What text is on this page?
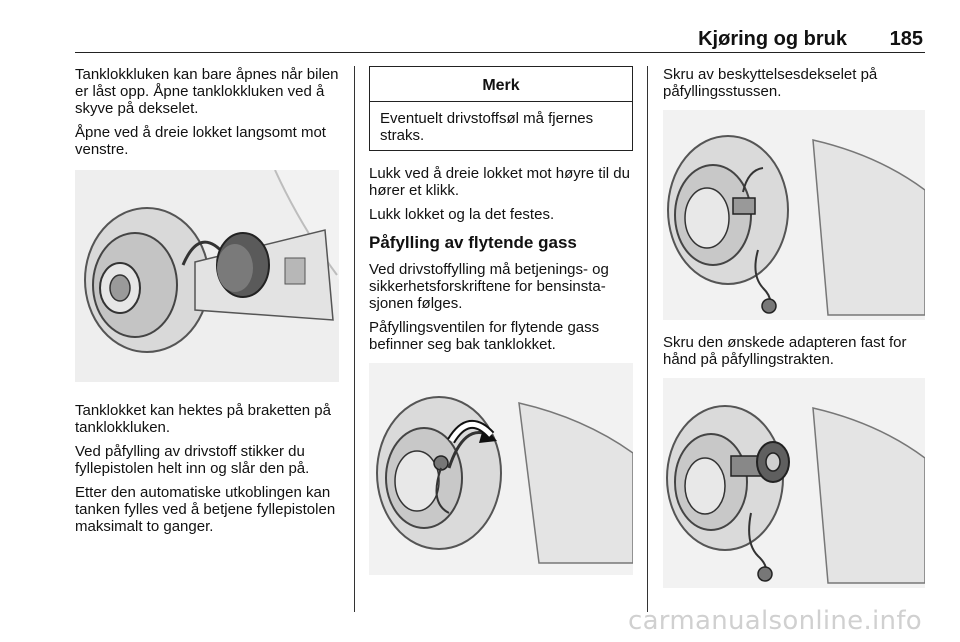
Kjøring og bruk 185

Tanklokkluken kan bare åpnes når bilen er låst opp. Åpne tanklokkluken ved å skyve på dekselet.

Åpne ved å dreie lokket langsomt mot venstre.

Tanklokket kan hektes på braketten på tanklokkluken.

Ved påfylling av drivstoff stikker du fyllepistolen helt inn og slår den på.

Etter den automatiske utkoblingen kan tanken fylles ved å betjene fyllepistolen maksimalt to ganger.

Merk
Eventuelt drivstoffsøl må fjernes straks.

Lukk ved å dreie lokket mot høyre til du hører et klikk.

Lukk lokket og la det festes.

Påfylling av flytende gass

Ved drivstoffylling må betjenings- og sikkerhetsforskriftene for bensinstasjonen følges.

Påfyllingsventilen for flytende gass befinner seg bak tanklokket.

Skru av beskyttelsesdekselet på påfyllingsstussen.

Skru den ønskede adapteren fast for hånd på påfyllingstrakten.

carmanualsonline.info
